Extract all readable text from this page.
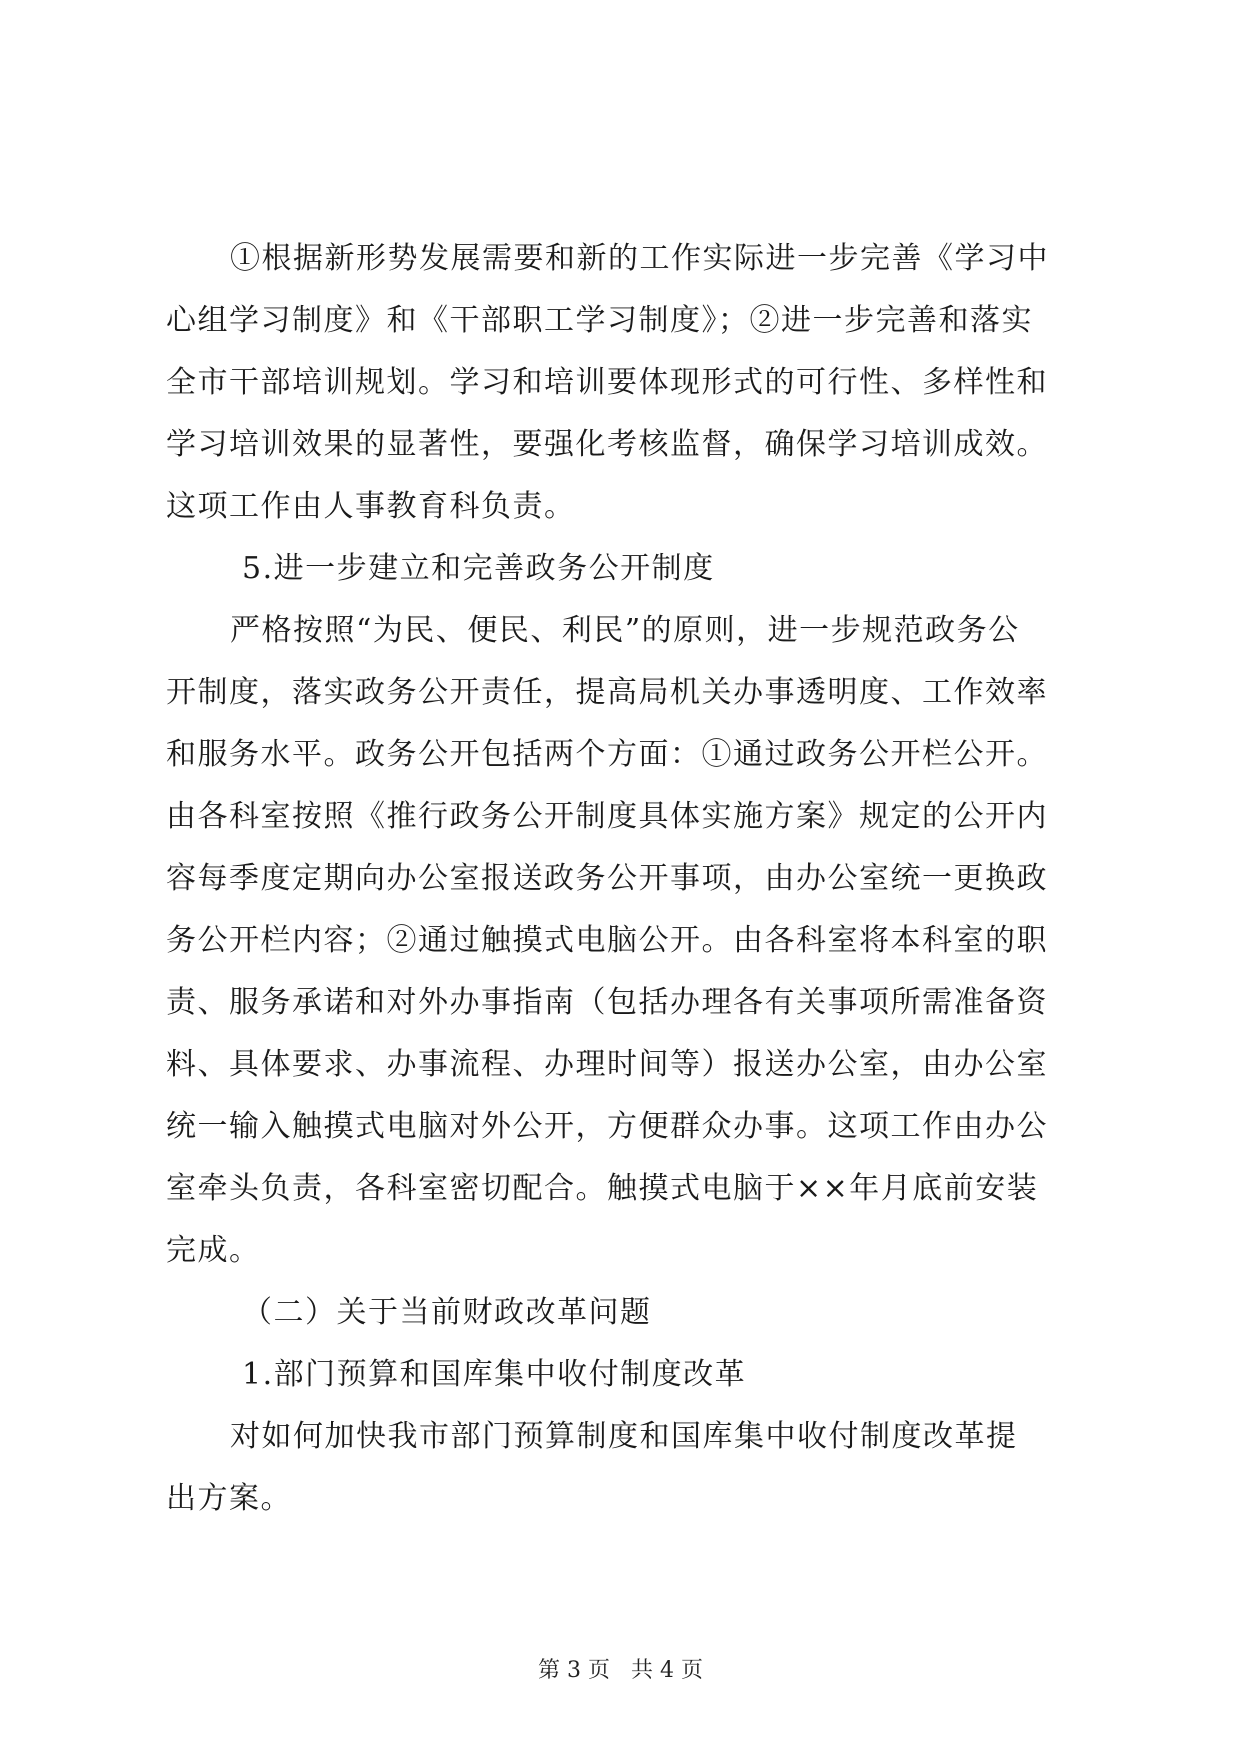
①根据新形势发展需要和新的工作实际进一步完善《学习中
心组学习制度》和《干部职工学习制度》；②进一步完善和落实
全市干部培训规划。学习和培训要体现形式的可行性、多样性和
学习培训效果的显著性，要强化考核监督，确保学习培训成效。
这项工作由人事教育科负责。

5.进一步建立和完善政务公开制度

严格按照“为民、便民、利民”的原则，进一步规范政务公
开制度，落实政务公开责任，提高局机关办事透明度、工作效率
和服务水平。政务公开包括两个方面：①通过政务公开栏公开。
由各科室按照《推行政务公开制度具体实施方案》规定的公开内
容每季度定期向办公室报送政务公开事项，由办公室统一更换政
务公开栏内容；②通过触摸式电脑公开。由各科室将本科室的职
责、服务承诺和对外办事指南（包括办理各有关事项所需准备资
料、具体要求、办事流程、办理时间等）报送办公室，由办公室
统一输入触摸式电脑对外公开，方便群众办事。这项工作由办公
室牵头负责，各科室密切配合。触摸式电脑于××年月底前安装
完成。

（二）关于当前财政改革问题

1.部门预算和国库集中收付制度改革

对如何加快我市部门预算制度和国库集中收付制度改革提
出方案。

第 3 页 共 4 页
